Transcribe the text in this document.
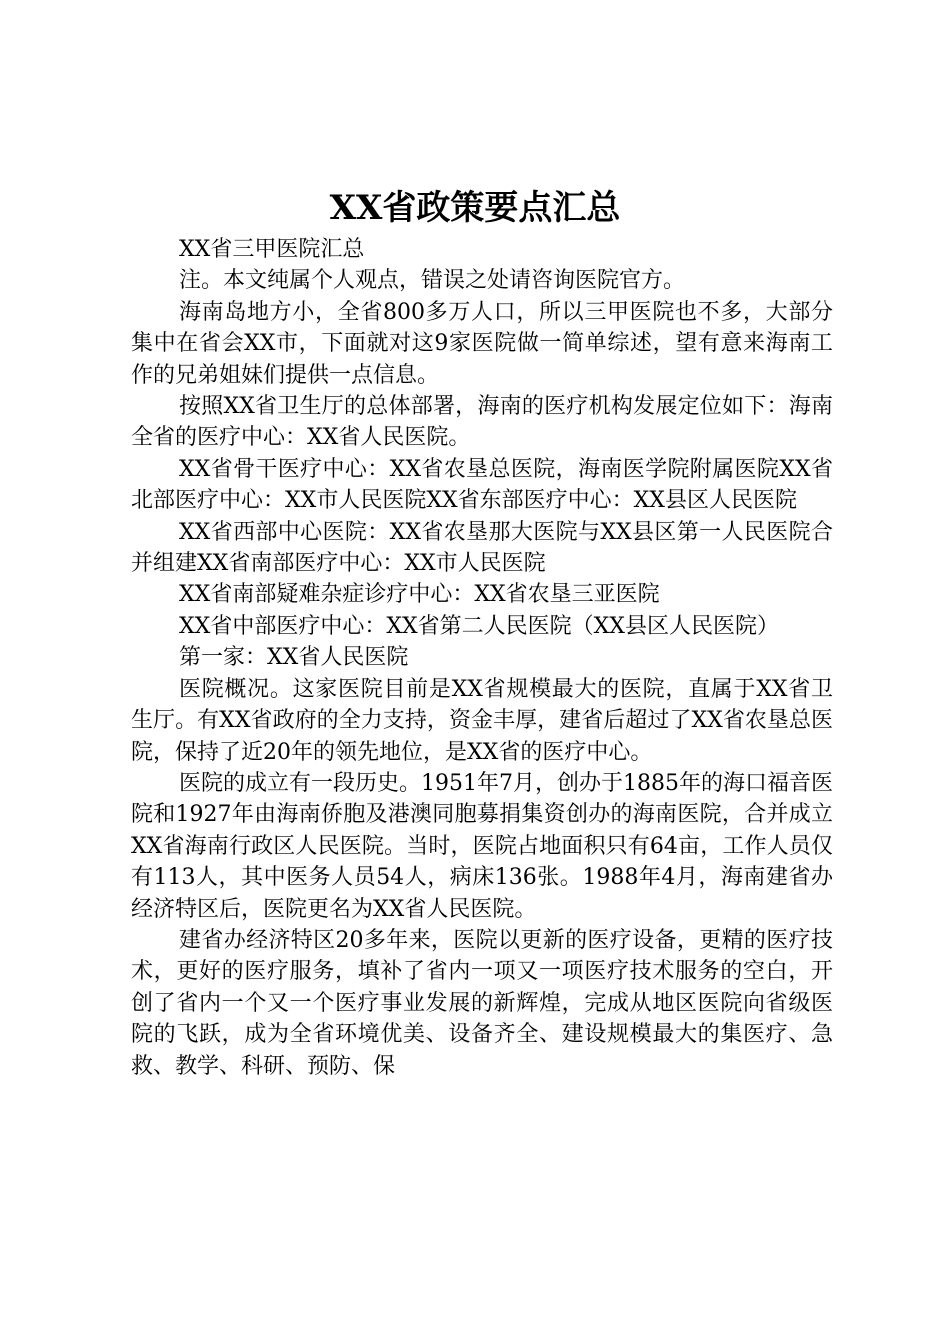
XX省政策要点汇总

XX省三甲医院汇总

注。本文纯属个人观点，错误之处请咨询医院官方。

海南岛地方小，全省800多万人口，所以三甲医院也不多，大部分集中在省会XX市，下面就对这9家医院做一简单综述，望有意来海南工作的兄弟姐妹们提供一点信息。

按照XX省卫生厅的总体部署，海南的医疗机构发展定位如下：海南全省的医疗中心：XX省人民医院。

XX省骨干医疗中心：XX省农垦总医院，海南医学院附属医院XX省北部医疗中心：XX市人民医院XX省东部医疗中心：XX县区人民医院

XX省西部中心医院：XX省农垦那大医院与XX县区第一人民医院合并组建XX省南部医疗中心：XX市人民医院

XX省南部疑难杂症诊疗中心：XX省农垦三亚医院

XX省中部医疗中心：XX省第二人民医院（XX县区人民医院）

第一家：XX省人民医院

医院概况。这家医院目前是XX省规模最大的医院，直属于XX省卫生厅。有XX省政府的全力支持，资金丰厚，建省后超过了XX省农垦总医院，保持了近20年的领先地位，是XX省的医疗中心。

医院的成立有一段历史。1951年7月，创办于1885年的海口福音医院和1927年由海南侨胞及港澳同胞募捐集资创办的海南医院，合并成立XX省海南行政区人民医院。当时，医院占地面积只有64亩，工作人员仅有113人，其中医务人员54人，病床136张。1988年4月，海南建省办经济特区后，医院更名为XX省人民医院。

建省办经济特区20多年来，医院以更新的医疗设备，更精的医疗技术，更好的医疗服务，填补了省内一项又一项医疗技术服务的空白，开创了省内一个又一个医疗事业发展的新辉煌，完成从地区医院向省级医院的飞跃，成为全省环境优美、设备齐全、建设规模最大的集医疗、急救、教学、科研、预防、保
